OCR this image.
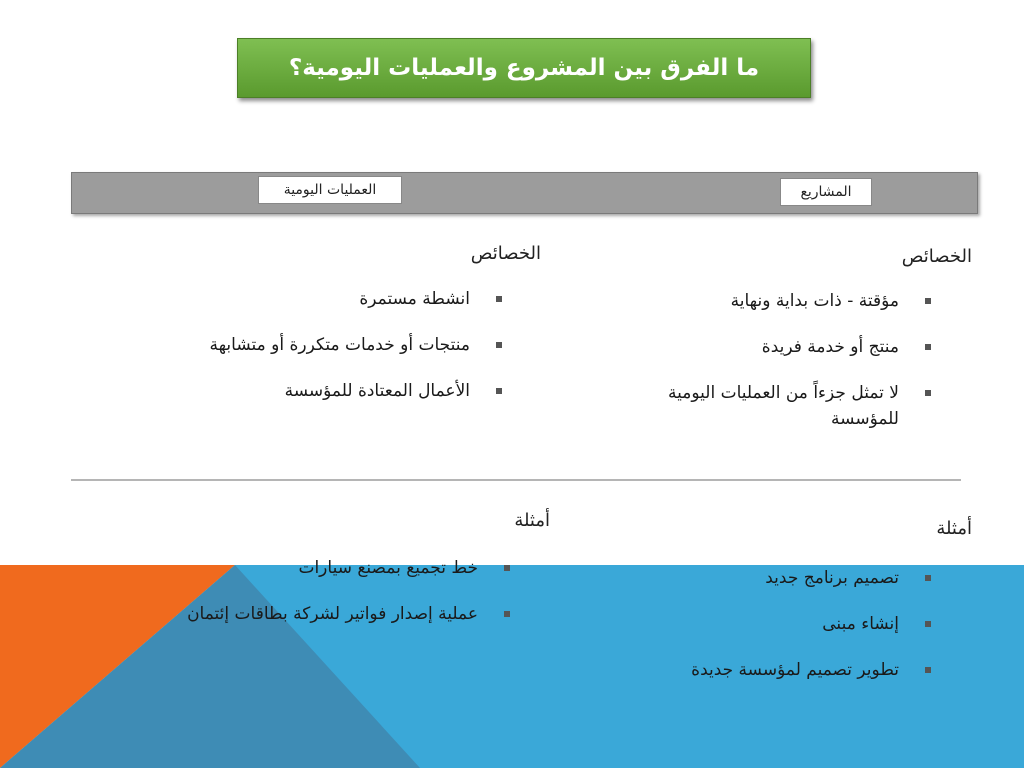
ما الفرق بين المشروع والعمليات اليومية؟
المشاريع
العمليات اليومية
الخصائص
مؤقتة - ذات بداية ونهاية
منتج أو خدمة فريدة
لا تمثل جزءاً من العمليات اليومية للمؤسسة
أمثلة
تصميم برنامج جديد
إنشاء مبنى
تطوير تصميم لمؤسسة جديدة
الخصائص
انشطة مستمرة
منتجات أو خدمات متكررة أو متشابهة
الأعمال المعتادة للمؤسسة
أمثلة
خط تجميع بمصنع سيارات
عملية إصدار فواتير لشركة بطاقات إئتمان
